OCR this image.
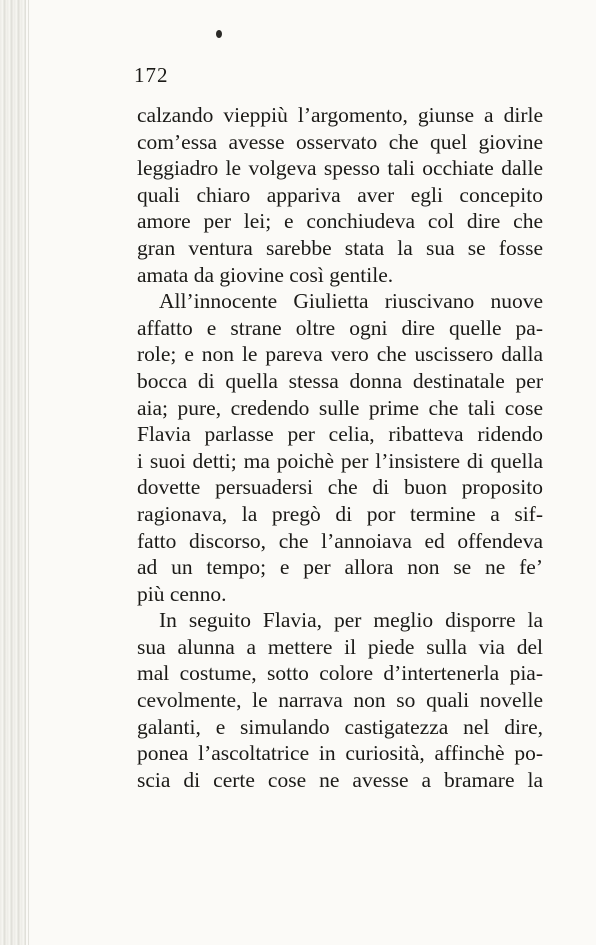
172
calzando vieppiù l’argomento, giunse a dirle
com’essa avesse osservato che quel giovine
leggiadro le volgeva spesso tali occhiate dalle
quali chiaro appariva aver egli concepito
amore per lei; e conchiudeva col dire che
gran ventura sarebbe stata la sua se fosse
amata da giovine così gentile.
All’innocente Giulietta riuscivano nuove
affatto e strane oltre ogni dire quelle pa-
role; e non le pareva vero che uscissero dalla
bocca di quella stessa donna destinatale per
aia; pure, credendo sulle prime che tali cose
Flavia parlasse per celia, ribatteva ridendo
i suoi detti; ma poichè per l’insistere di quella
dovette persuadersi che di buon proposito
ragionava, la pregò di por termine a sif-
fatto discorso, che l’annoiava ed offendeva
ad un tempo; e per allora non se ne fe’
più cenno.
In seguito Flavia, per meglio disporre la
sua alunna a mettere il piede sulla via del
mal costume, sotto colore d’intertenerla pia-
cevolmente, le narrava non so quali novelle
galanti, e simulando castigatezza nel dire,
ponea l’ascoltatrice in curiosità, affinchè po-
scia di certe cose ne avesse a bramare la
